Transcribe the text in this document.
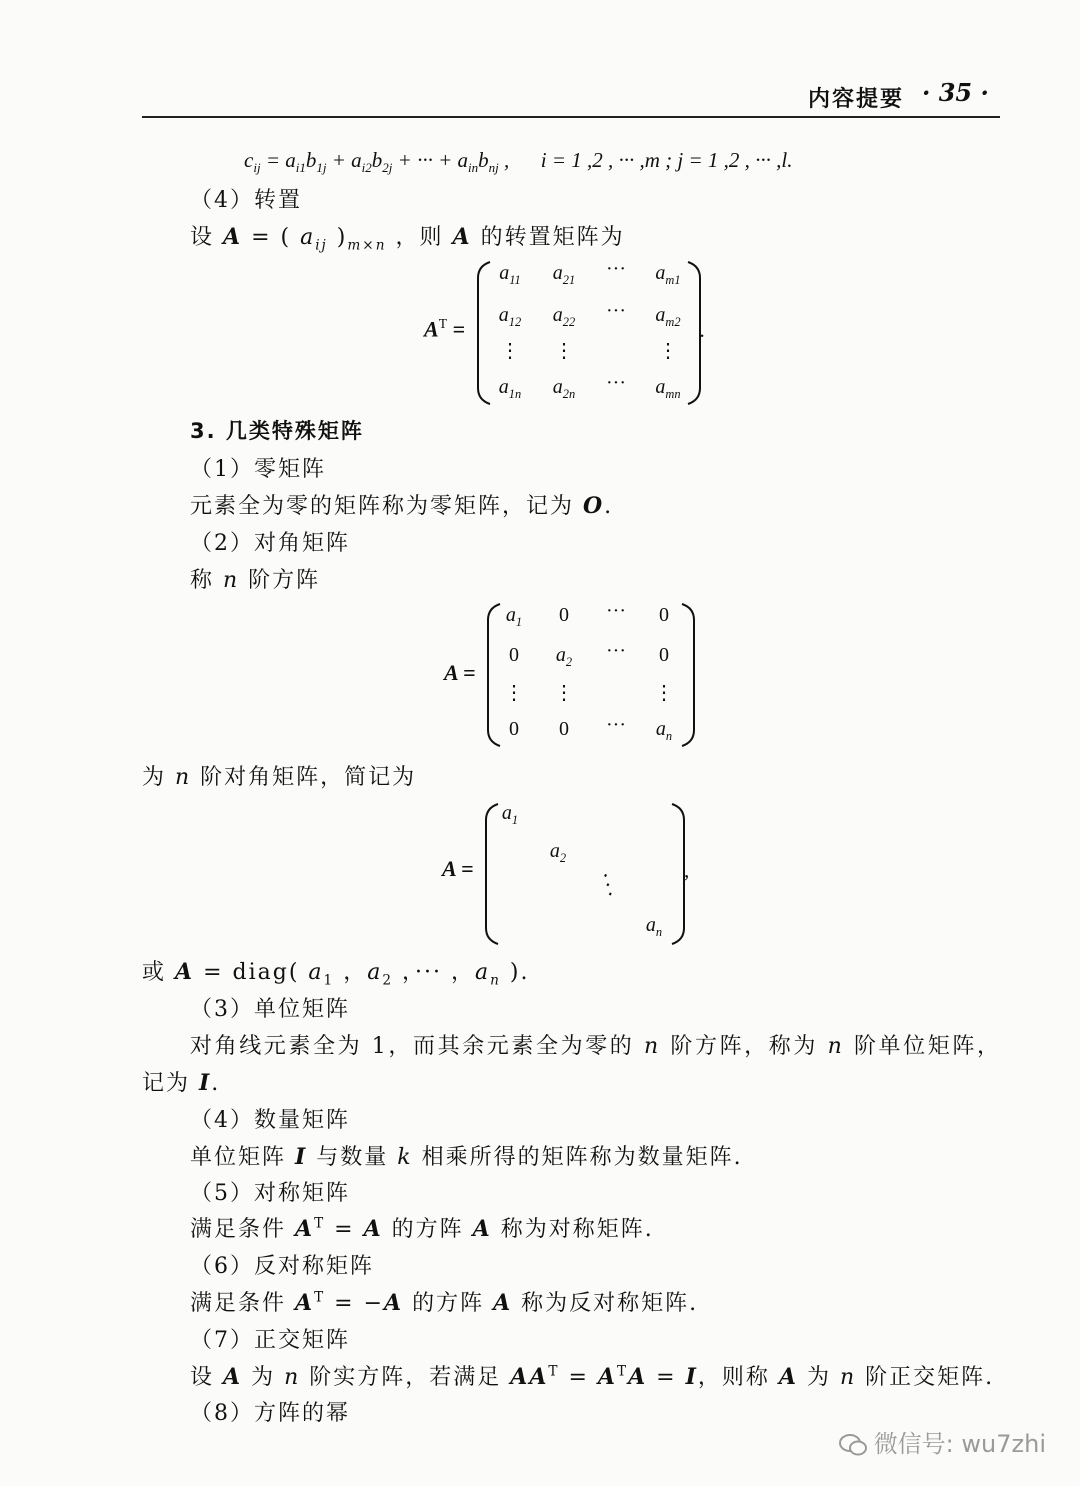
内容提要 · 35 ·
$c_{ij} = a_{i1}b_{1j} + a_{i2}b_{2j}$ + ··· + $a_{in}b_{nj}$ ,      i = 1 ,2 , ··· ,m ; j = 1 ,2 , ··· ,l.
（4）转置
设 A = ( $a_{ij}$ )$_{m\times n}$ ，则 A 的转置矩阵为
$A^T$ =
$a_{11}$	$a_{21}$	···	$a_{m1}$
$a_{12}$	$a_{22}$	···	$a_{m2}$
⋮	⋮	⋮
$a_{1n}$	$a_{2n}$	···	$a_{mn}$
.
3. 几类特殊矩阵
（1）零矩阵
元素全为零的矩阵称为零矩阵，记为 O.
（2）对角矩阵
称 n 阶方阵
A =
$a_1$	0	···	0
0	$a_2$	···	0
⋮	⋮	⋮
0	0	···	$a_n$
为 n 阶对角矩阵，简记为
A =
$a_1$
$a_2$
⋱
$a_n$
,
或 A = diag( $a_1$ ，$a_2$ ，··· ，$a_n$ ).
（3）单位矩阵
对角线元素全为 1，而其余元素全为零的 n 阶方阵，称为 n 阶单位矩阵，
记为 I.
（4）数量矩阵
单位矩阵 I 与数量 k 相乘所得的矩阵称为数量矩阵.
（5）对称矩阵
满足条件 $A^T = A$ 的方阵 A 称为对称矩阵.
（6）反对称矩阵
满足条件 $A^T = -A$ 的方阵 A 称为反对称矩阵.
（7）正交矩阵
设 A 为 n 阶实方阵，若满足 $AA^T = A^TA = I$，则称 A 为 n 阶正交矩阵.
（8）方阵的幂
微信号: wu7zhi
